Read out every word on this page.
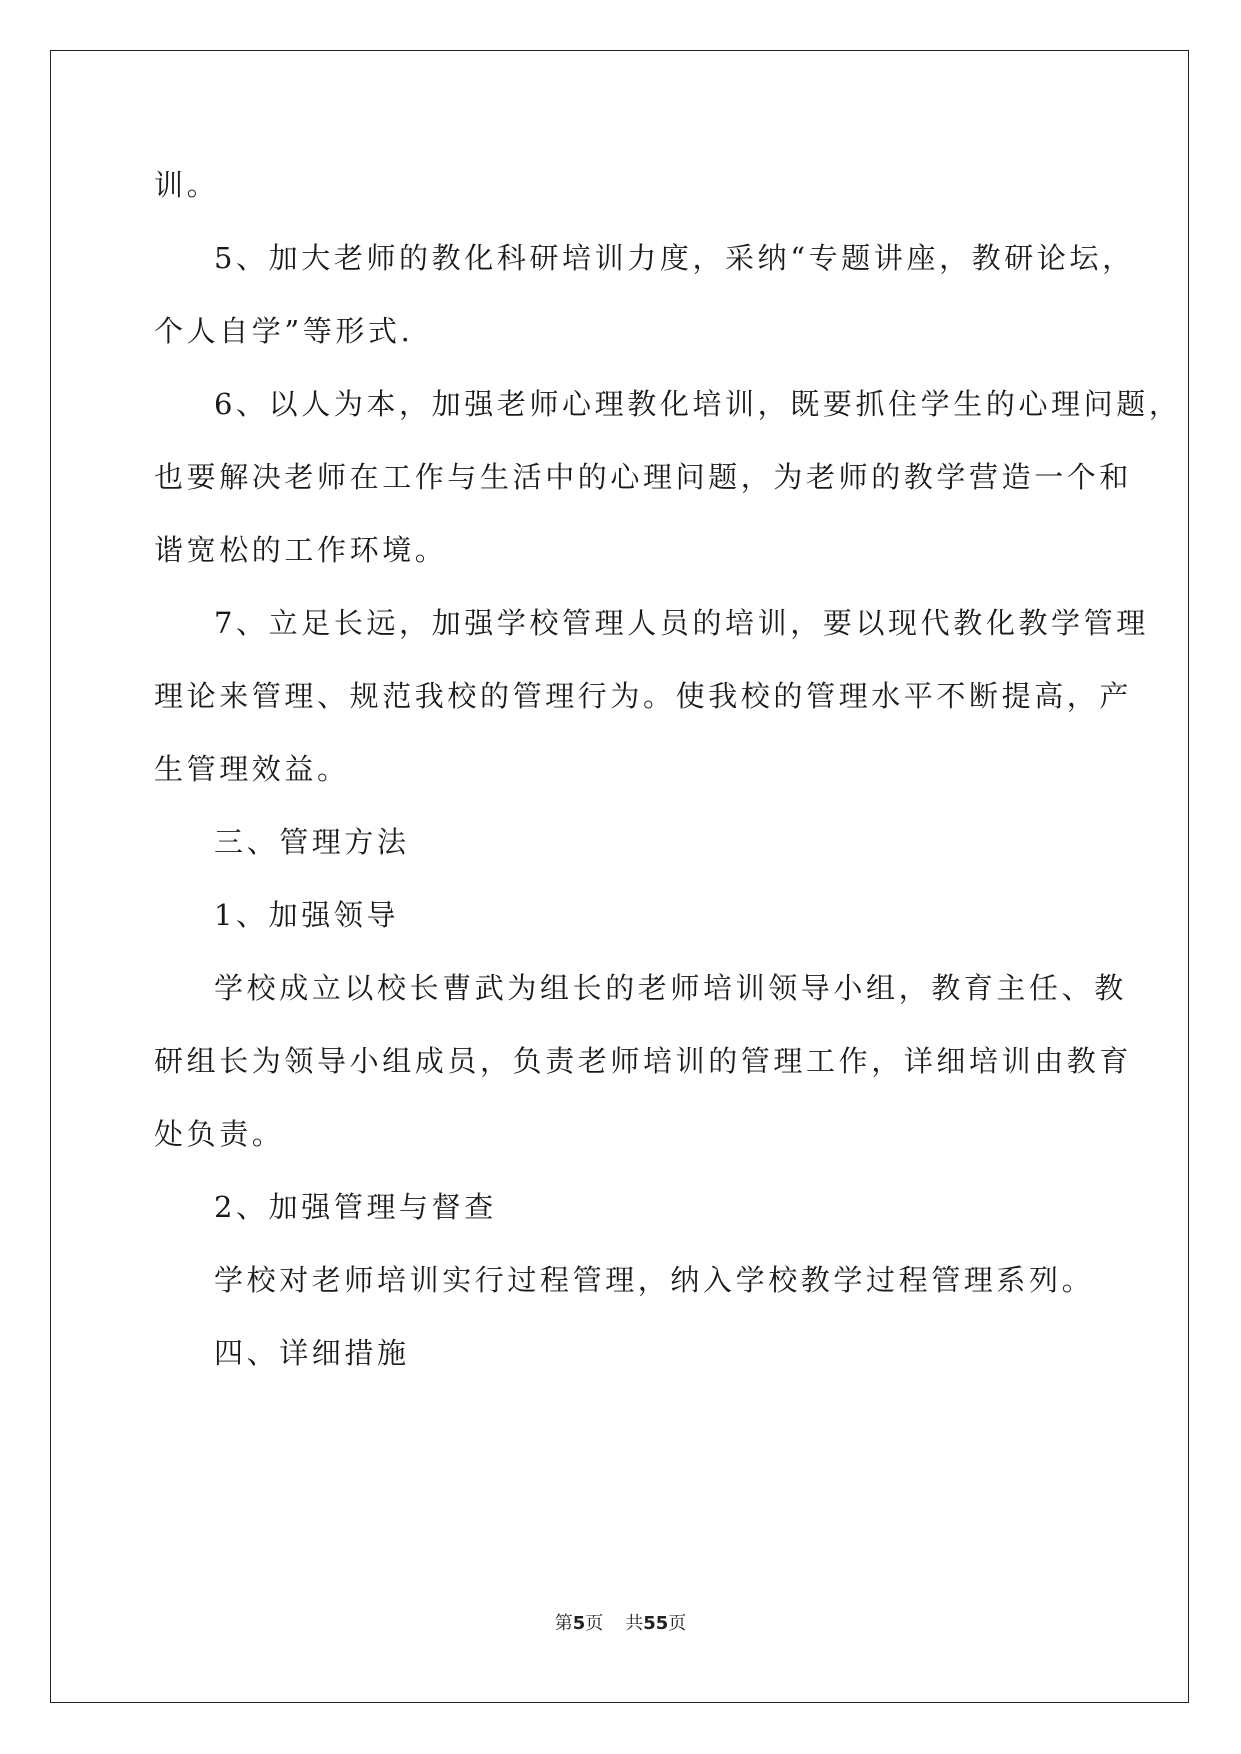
训。
5、加大老师的教化科研培训力度，采纳“专题讲座，教研论坛，
个人自学”等形式.
6、以人为本，加强老师心理教化培训，既要抓住学生的心理问题，
也要解决老师在工作与生活中的心理问题，为老师的教学营造一个和
谐宽松的工作环境。
7、立足长远，加强学校管理人员的培训，要以现代教化教学管理
理论来管理、规范我校的管理行为。使我校的管理水平不断提高，产
生管理效益。
三、管理方法
1、加强领导
学校成立以校长曹武为组长的老师培训领导小组，教育主任、教
研组长为领导小组成员，负责老师培训的管理工作，详细培训由教育
处负责。
2、加强管理与督查
学校对老师培训实行过程管理，纳入学校教学过程管理系列。
四、详细措施
第5页 共55页
